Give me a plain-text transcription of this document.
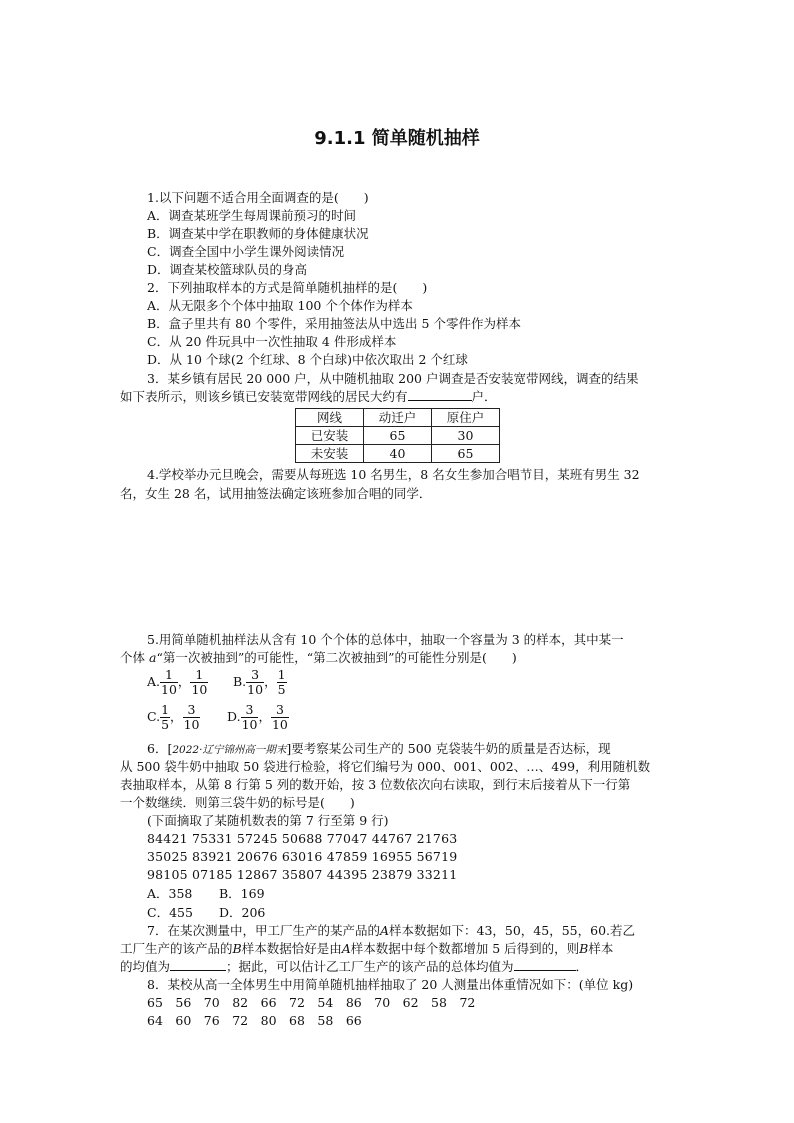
9.1.1 简单随机抽样
1.以下问题不适合用全面调查的是(　　)
A．调查某班学生每周课前预习的时间
B．调查某中学在职教师的身体健康状况
C．调查全国中小学生课外阅读情况
D．调查某校篮球队员的身高
2．下列抽取样本的方式是简单随机抽样的是(　　)
A．从无限多个个体中抽取 100 个个体作为样本
B．盒子里共有 80 个零件，采用抽签法从中选出 5 个零件作为样本
C．从 20 件玩具中一次性抽取 4 件形成样本
D．从 10 个球(2 个红球、8 个白球)中依次取出 2 个红球
3．某乡镇有居民 20 000 户，从中随机抽取 200 户调查是否安装宽带网线，调查的结果
如下表所示，则该乡镇已安装宽带网线的居民大约有	户．
网线	动迁户	原住户
已安装	65	30
未安装	40	65
4.学校举办元旦晚会，需要从每班选 10 名男生，8 名女生参加合唱节目，某班有男生 32
名，女生 28 名，试用抽签法确定该班参加合唱的同学．
5.用简单随机抽样法从含有 10 个个体的总体中，抽取一个容量为 3 的样本，其中某一
个体 a“第一次被抽到”的可能性，“第二次被抽到”的可能性分别是(　　)
A. $\frac{1}{10}$ ， $\frac{1}{10} B$. $\frac{3}{10}$ ， $\frac{1}{5}$
C. $\frac{1}{5}$ ， $\frac{3}{10} D$. $\frac{3}{10}$ ， $\frac{3}{10}$
6．[2022·辽宁锦州高一期末]要考察某公司生产的 500 克袋装牛奶的质量是否达标，现
从 500 袋牛奶中抽取 50 袋进行检验，将它们编号为 000、001、002、…、499，利用随机数
表抽取样本，从第 8 行第 5 列的数开始，按 3 位数依次向右读取，到行末后接着从下一行第
一个数继续．则第三袋牛奶的标号是(　　)
(下面摘取了某随机数表的第 7 行至第 9 行)
84421 75331 57245 50688 77047 44767 21763
35025 83921 20676 63016 47859 16955 56719
98105 07185 12867 35807 44395 23879 33211
A．358 B．169
C．455 D．206
7．在某次测量中，甲工厂生产的某产品的A样本数据如下：43，50，45，55，60.若乙
工厂生产的该产品的B样本数据恰好是由A样本数据中每个数都增加 5 后得到的，则B样本
的均值为	；据此，可以估计乙工厂生产的该产品的总体均值为	．
8．某校从高一全体男生中用简单随机抽样抽取了 20 人测量出体重情况如下：(单位 kg)
65　56　70　82　66　72　54　86　70　62　58　72
64　60　76　72　80　68　58　66
